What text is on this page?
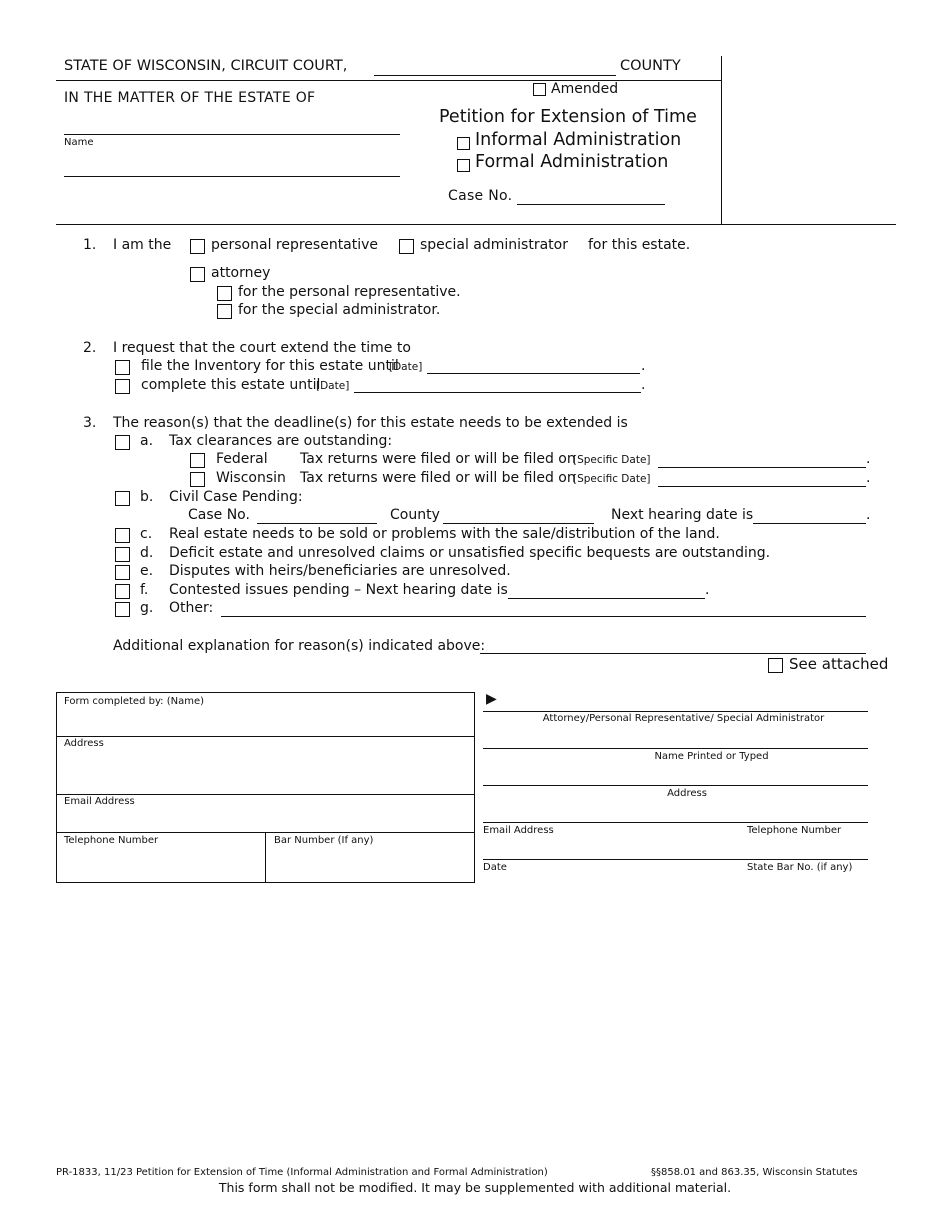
STATE OF WISCONSIN, CIRCUIT COURT,	COUNTY
IN THE MATTER OF THE ESTATE OF
Name
Amended
Petition for Extension of Time
Informal Administration
Formal Administration
Case No.
1. I am the	personal representative	special administrator for this estate.
attorney
for the personal representative.
for the special administrator.
2. I request that the court extend the time to
file the Inventory for this estate until
[Date]	.
complete this estate until
[Date]	.
3. The reason(s) that the deadline(s) for this estate needs to be extended is
a. Tax clearances are outstanding:
Federal Tax returns were filed or will be filed on
[Specific Date]	.
Wisconsin Tax returns were filed or will be filed on
[Specific Date]	.
b. Civil Case Pending:
Case No.	County	Next hearing date is	.
c. Real estate needs to be sold or problems with the sale/distribution of the land.
d. Deficit estate and unresolved claims or unsatisfied specific bequests are outstanding.
e. Disputes with heirs/beneficiaries are unresolved.
f. Contested issues pending – Next hearing date is	.
g. Other:
Additional explanation for reason(s) indicated above:
See attached
Form completed by: (Name)
Address
Email Address
Telephone Number	Bar Number (If any)
▶
Attorney/Personal Representative/ Special Administrator
Name Printed or Typed
Address
Email Address	Telephone Number
Date	State Bar No. (if any)
PR-1833, 11/23 Petition for Extension of Time (Informal Administration and Formal Administration)	§§858.01 and 863.35, Wisconsin Statutes
This form shall not be modified. It may be supplemented with additional material.
